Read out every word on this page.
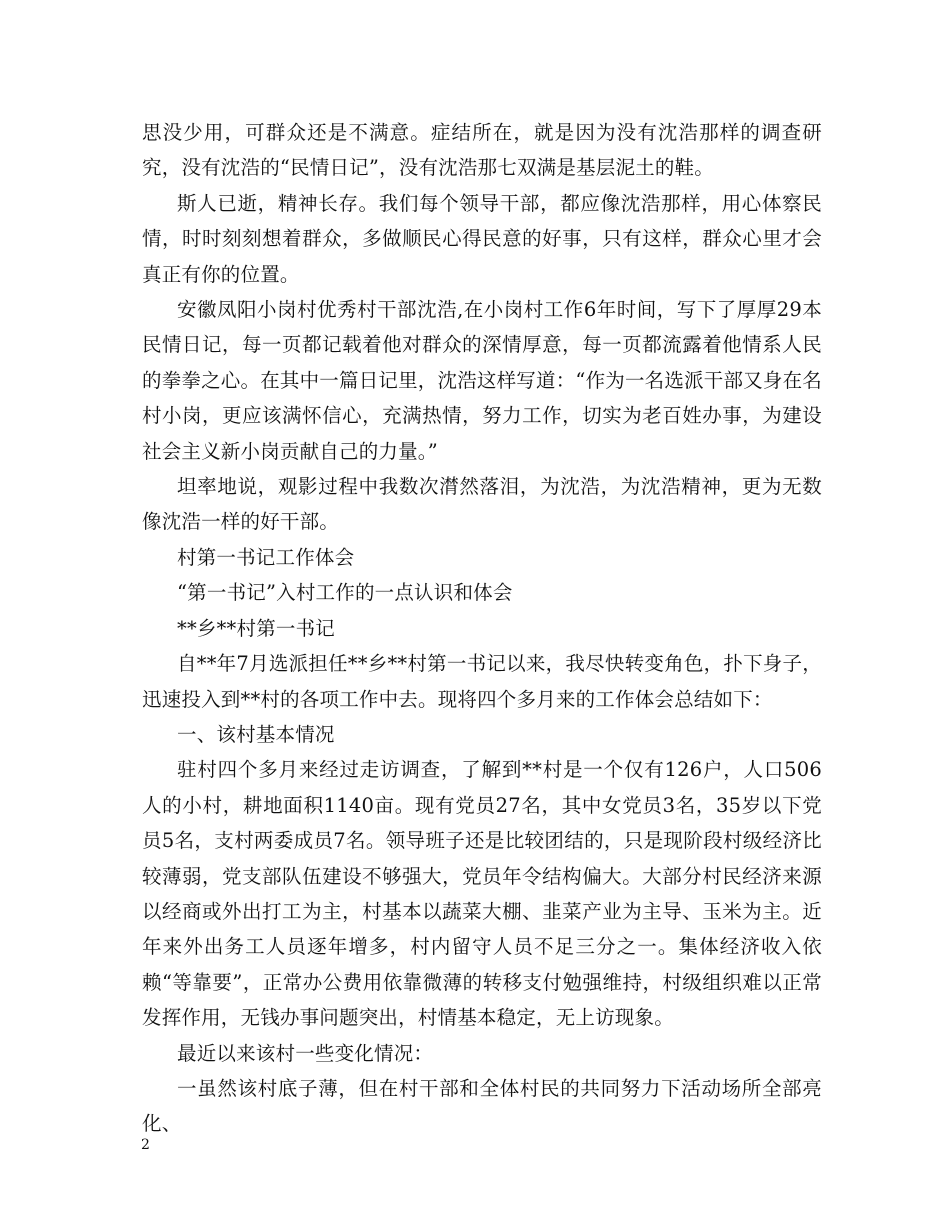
思没少用，可群众还是不满意。症结所在，就是因为没有沈浩那样的调查研究，没有沈浩的“民情日记”，没有沈浩那七双满是基层泥土的鞋。

斯人已逝，精神长存。我们每个领导干部，都应像沈浩那样，用心体察民情，时时刻刻想着群众，多做顺民心得民意的好事，只有这样，群众心里才会真正有你的位置。

安徽凤阳小岗村优秀村干部沈浩,在小岗村工作6年时间，写下了厚厚29本民情日记，每一页都记载着他对群众的深情厚意，每一页都流露着他情系人民的拳拳之心。在其中一篇日记里，沈浩这样写道：“作为一名选派干部又身在名村小岗，更应该满怀信心，充满热情，努力工作，切实为老百姓办事，为建设社会主义新小岗贡献自己的力量。”

坦率地说，观影过程中我数次潸然落泪，为沈浩，为沈浩精神，更为无数像沈浩一样的好干部。

村第一书记工作体会

“第一书记”入村工作的一点认识和体会

**乡**村第一书记

自**年7月选派担任**乡**村第一书记以来，我尽快转变角色，扑下身子，迅速投入到**村的各项工作中去。现将四个多月来的工作体会总结如下：

一、该村基本情况

驻村四个多月来经过走访调查，了解到**村是一个仅有126户，人口506人的小村，耕地面积1140亩。现有党员27名，其中女党员3名，35岁以下党员5名，支村两委成员7名。领导班子还是比较团结的，只是现阶段村级经济比较薄弱，党支部队伍建设不够强大，党员年令结构偏大。大部分村民经济来源以经商或外出打工为主，村基本以蔬菜大棚、韭菜产业为主导、玉米为主。近年来外出务工人员逐年增多，村内留守人员不足三分之一。集体经济收入依赖“等靠要”，正常办公费用依靠微薄的转移支付勉强维持，村级组织难以正常发挥作用，无钱办事问题突出，村情基本稳定，无上访现象。

最近以来该村一些变化情况：

一虽然该村底子薄，但在村干部和全体村民的共同努力下活动场所全部亮化、

2
